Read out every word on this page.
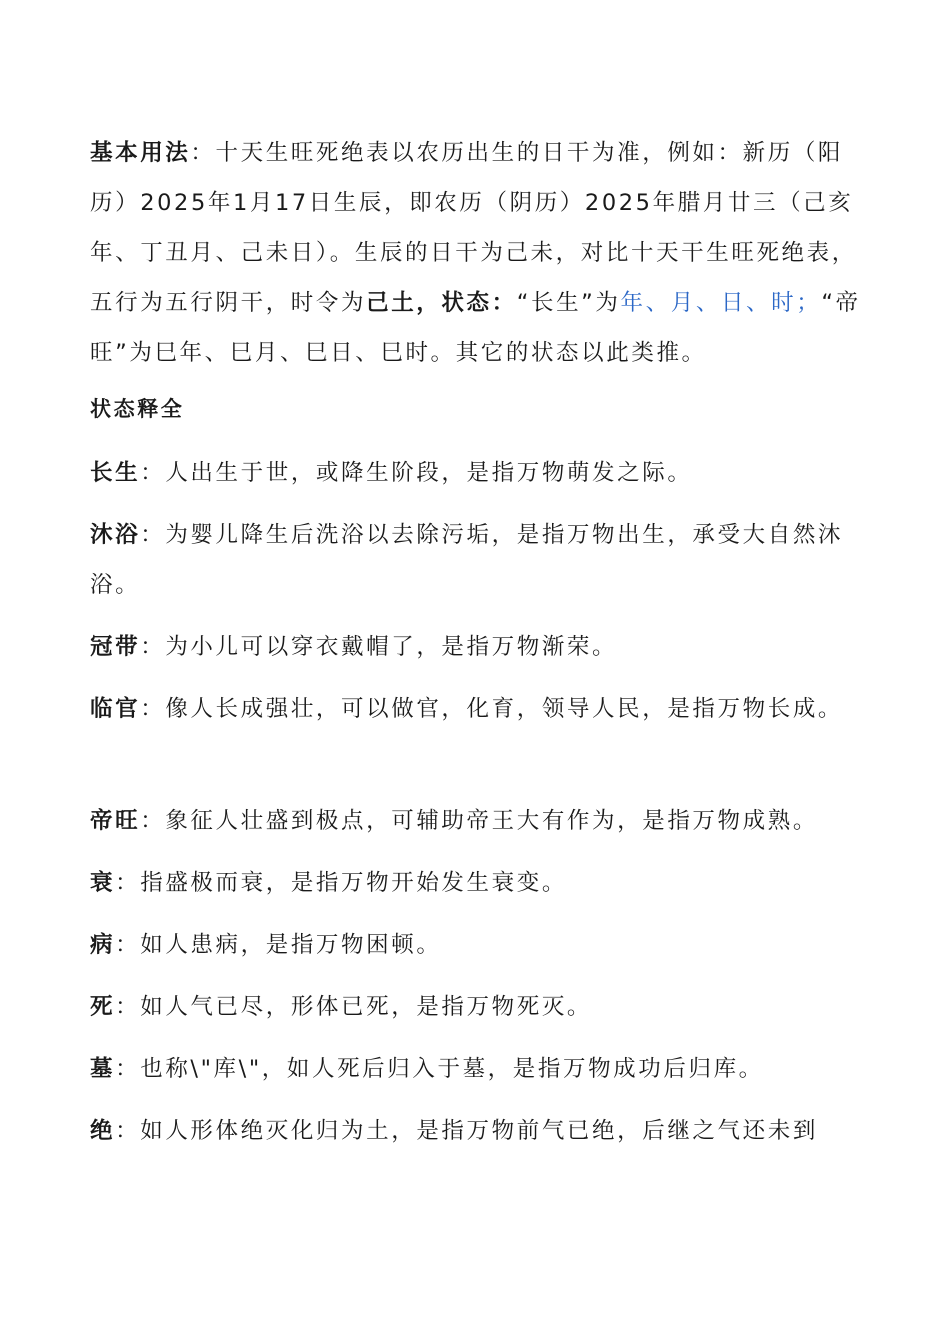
基本用法：十天生旺死绝表以农历出生的日干为准，例如：新历（阳历）2025年1月17日生辰，即农历（阴历）2025年腊月廿三（己亥年、丁丑月、己未日）。生辰的日干为己未，对比十天干生旺死绝表，五行为五行阴干，时令为己土，状态：“长生”为年、月、日、时；“帝旺”为巳年、巳月、巳日、巳时。其它的状态以此类推。

状态释全

长生：人出生于世，或降生阶段，是指万物萌发之际。

沐浴：为婴儿降生后洗浴以去除污垢，是指万物出生，承受大自然沐浴。

冠带：为小儿可以穿衣戴帽了，是指万物渐荣。

临官：像人长成强壮，可以做官，化育，领导人民，是指万物长成。

帝旺：象征人壮盛到极点，可辅助帝王大有作为，是指万物成熟。

衰：指盛极而衰，是指万物开始发生衰变。

病：如人患病，是指万物困顿。

死：如人气已尽，形体已死，是指万物死灭。

墓：也称\"库\"，如人死后归入于墓，是指万物成功后归库。

绝：如人形体绝灭化归为土，是指万物前气已绝，后继之气还未到
